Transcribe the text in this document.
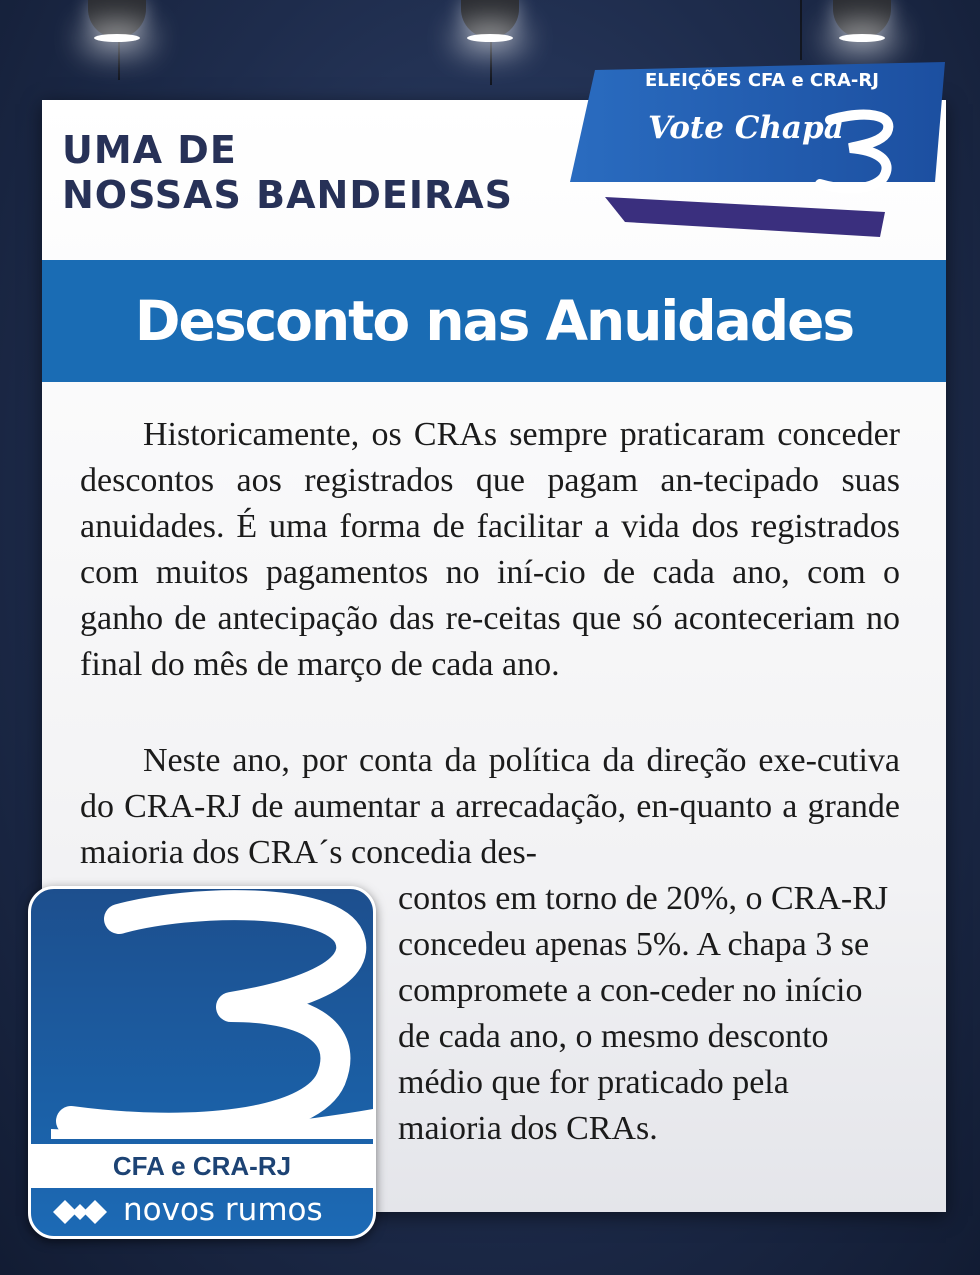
UMA DE
NOSSAS BANDEIRAS
ELEIÇÕES CFA e CRA-RJ
Vote Chapa
Desconto nas Anuidades

Historicamente, os CRAs sempre praticaram conceder descontos aos registrados que pagam an-tecipado suas anuidades. É uma forma de facilitar a vida dos registrados com muitos pagamentos no iní-cio de cada ano, com o ganho de antecipação das re-ceitas que só aconteceriam no final do mês de março de cada ano.

Neste ano, por conta da política da direção exe-cutiva do CRA-RJ de aumentar a arrecadação, en-quanto a grande maioria dos CRA´s concedia des-

contos em torno de 20%, o CRA-RJ concedeu apenas 5%. A chapa 3 se compromete a con-ceder no início de cada ano, o mesmo desconto médio que for praticado pela maioria dos CRAs.

CFA e CRA-RJ
novos rumos
